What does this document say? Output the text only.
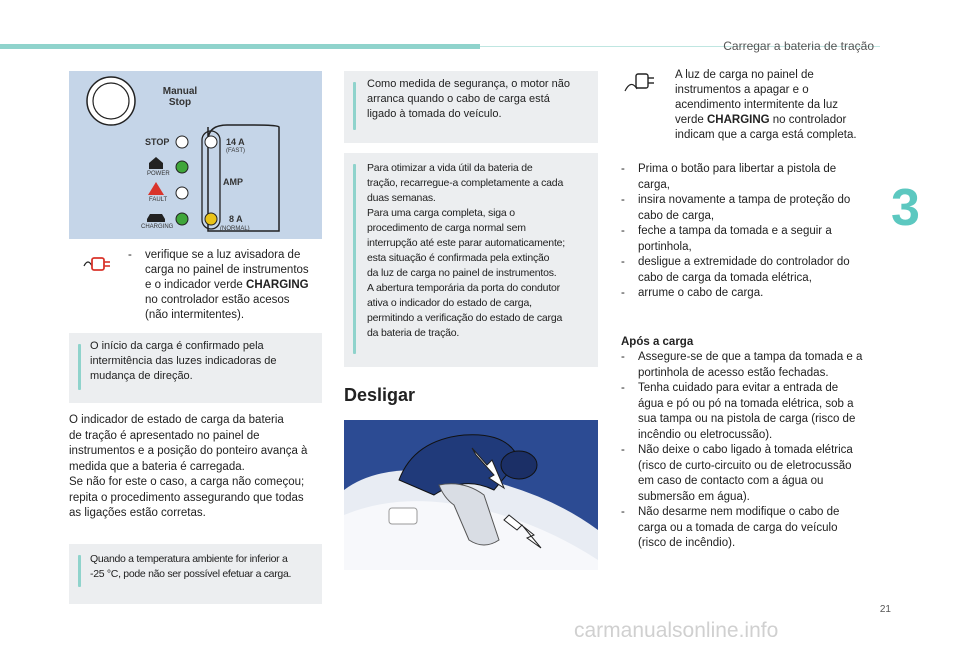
Carregar a bateria de tração
3
Manual
Stop
STOP
POWER
FAULT
CHARGING
14 A
(FAST)
AMP
8 A
(NORMAL)
- verifique se a luz avisadora de
carga no painel de instrumentos
e o indicador verde CHARGING
no controlador estão acesos
(não intermitentes).
O início da carga é confirmado pela
intermitência das luzes indicadoras de
mudança de direção.
O indicador de estado de carga da bateria
de tração é apresentado no painel de
instrumentos e a posição do ponteiro avança à
medida que a bateria é carregada.
Se não for este o caso, a carga não começou;
repita o procedimento assegurando que todas
as ligações estão corretas.
Quando a temperatura ambiente for inferior a
-25 °C, pode não ser possível efetuar a carga.
Como medida de segurança, o motor não
arranca quando o cabo de carga está
ligado à tomada do veículo.
Para otimizar a vida útil da bateria de
tração, recarregue-a completamente a cada
duas semanas.
Para uma carga completa, siga o
procedimento de carga normal sem
interrupção até este parar automaticamente;
esta situação é confirmada pela extinção
da luz de carga no painel de instrumentos.
A abertura temporária da porta do condutor
ativa o indicador do estado de carga,
permitindo a verificação do estado de carga
da bateria de tração.
Desligar
A luz de carga no painel de
instrumentos a apagar e o
acendimento intermitente da luz
verde CHARGING no controlador
indicam que a carga está completa.
- Prima o botão para libertar a pistola de
carga,
- insira novamente a tampa de proteção do
cabo de carga,
- feche a tampa da tomada e a seguir a
portinhola,
- desligue a extremidade do controlador do
cabo de carga da tomada elétrica,
- arrume o cabo de carga.
Após a carga
- Assegure-se de que a tampa da tomada e a
portinhola de acesso estão fechadas.
- Tenha cuidado para evitar a entrada de
água e pó ou pó na tomada elétrica, sob a
sua tampa ou na pistola de carga (risco de
incêndio ou eletrocussão).
- Não deixe o cabo ligado à tomada elétrica
(risco de curto-circuito ou de eletrocussão
em caso de contacto com a água ou
submersão em água).
- Não desarme nem modifique o cabo de
carga ou a tomada de carga do veículo
(risco de incêndio).
21
carmanualsonline.info
